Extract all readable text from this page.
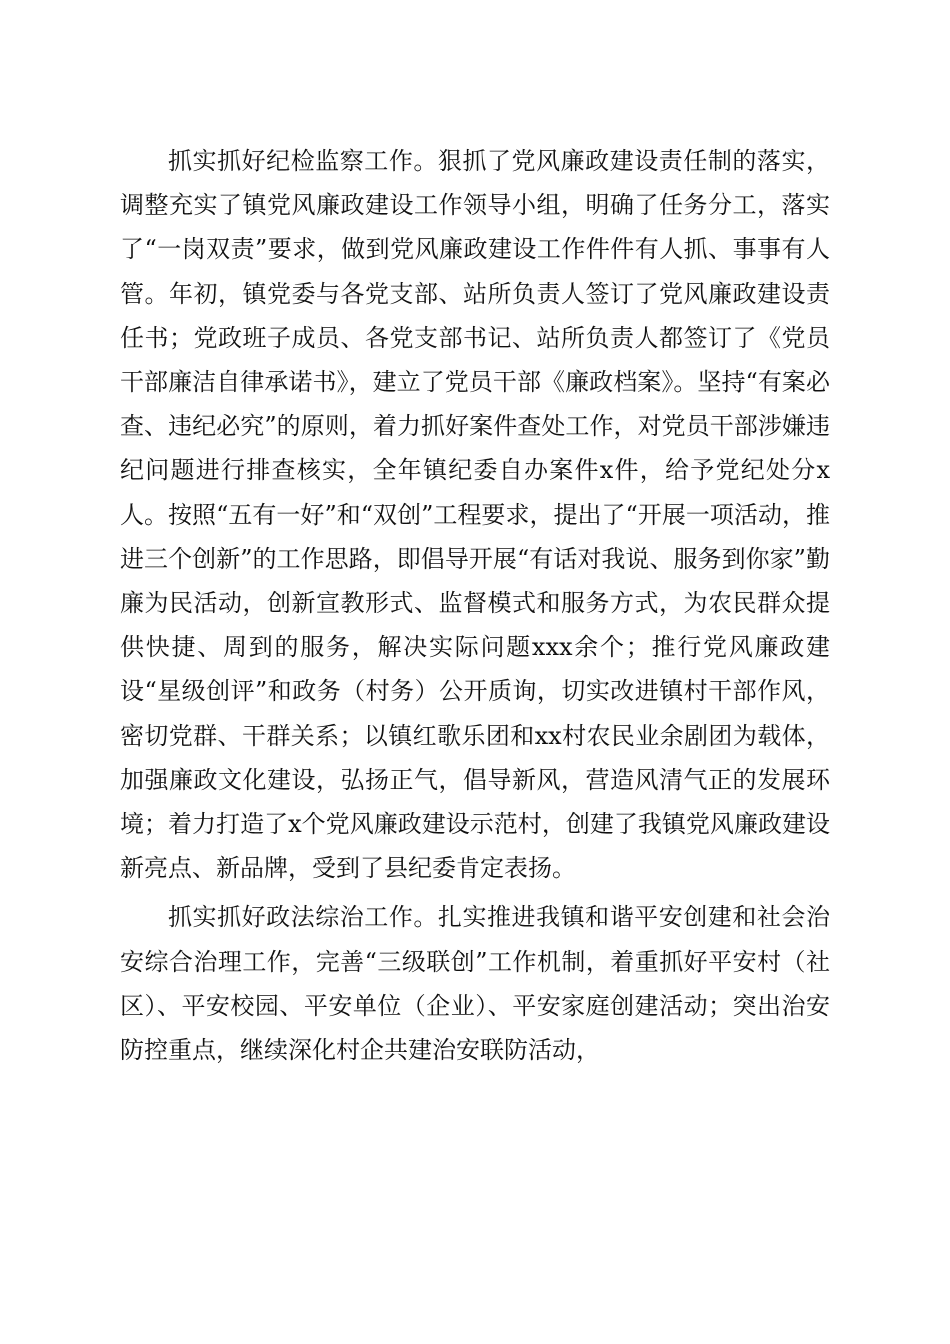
抓实抓好纪检监察工作。狠抓了党风廉政建设责任制的落实，调整充实了镇党风廉政建设工作领导小组，明确了任务分工，落实了“一岗双责”要求，做到党风廉政建设工作件件有人抓、事事有人管。年初，镇党委与各党支部、站所负责人签订了党风廉政建设责任书；党政班子成员、各党支部书记、站所负责人都签订了《党员干部廉洁自律承诺书》，建立了党员干部《廉政档案》。坚持“有案必查、违纪必究”的原则，着力抓好案件查处工作，对党员干部涉嫌违纪问题进行排查核实，全年镇纪委自办案件x件，给予党纪处分x人。按照“五有一好”和“双创”工程要求，提出了“开展一项活动，推进三个创新”的工作思路，即倡导开展“有话对我说、服务到你家”勤廉为民活动，创新宣教形式、监督模式和服务方式，为农民群众提供快捷、周到的服务，解决实际问题xxx余个；推行党风廉政建设“星级创评”和政务（村务）公开质询，切实改进镇村干部作风，密切党群、干群关系；以镇红歌乐团和xx村农民业余剧团为载体，加强廉政文化建设，弘扬正气，倡导新风，营造风清气正的发展环境；着力打造了x个党风廉政建设示范村，创建了我镇党风廉政建设新亮点、新品牌，受到了县纪委肯定表扬。

抓实抓好政法综治工作。扎实推进我镇和谐平安创建和社会治安综合治理工作，完善“三级联创”工作机制，着重抓好平安村（社区）、平安校园、平安单位（企业）、平安家庭创建活动；突出治安防控重点，继续深化村企共建治安联防活动，
